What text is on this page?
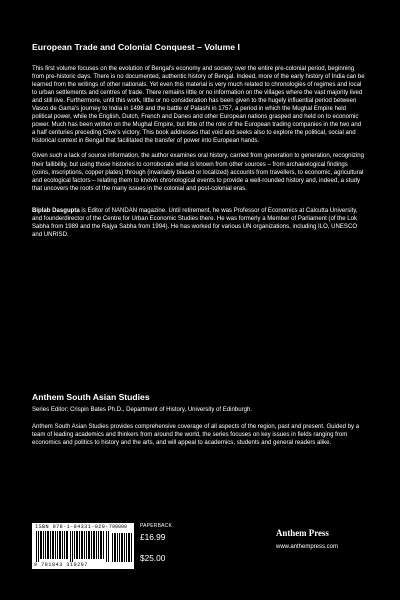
European Trade and Colonial Conquest – Volume I

This first volume focuses on the evolution of Bengal's economy and society over the entire pre-colonial period, beginning from pre-historic days. There is no documented, authentic history of Bengal. Indeed, more of the early history of India can be learned from the writings of other nationals. Yet even this material is very much related to chronologies of regimes and local to urban settlements and centres of trade. There remains little or no information on the villages where the vast majority lived and still live. Furthermore, until this work, little or no consideration has been given to the hugely influential period between Vasco de Gama's journey to India in 1498 and the battle of Palashi in 1757, a period in which the Mughal Empire held political power, while the English, Dutch, French and Danes and other European nations grasped and held on to economic power. Much has been written on the Mughal Empire, but little of the role of the European trading companies in the two and a half centuries preceding Clive's victory. This book addresses that void and seeks also to explore the political, social and historical context in Bengal that facilitated the transfer of power into European hands.

Given such a lack of source information, the author examines oral history, carried from generation to generation, recognizing their fallibility, but using those histories to corroborate what is known from other sources – from archaeological findings (coins, inscriptions, copper plates) through (invariably biased or localized) accounts from travellers, to economic, agricultural and ecological factors – relating them to known chronological events to provide a well-rounded history and, indeed, a study that uncovers the roots of the many issues in the colonial and post-colonial eras.

Biplab Dasgupta is Editor of NANDAN magazine. Until retirement, he was Professor of Economics at Calcutta University, and founderdirector of the Centre for Urban Economic Studies there. He was formerly a Member of Parliament (of the Lok Sabha from 1989 and the Rajya Sabha from 1994). He has worked for various UN organizations, including ILO, UNESCO and UNRISD.

Anthem South Asian Studies
Series Editor: Crispin Bates Ph.D., Department of History, University of Edinburgh.
Anthem South Asian Studies provides comprehensive coverage of all aspects of the region, past and present. Guided by a team of leading academics and thinkers from around the world, the series focuses on key issues in fields ranging from economics and politics to history and the arts, and will appeal to academics, students and general readers alike.
ISBN 978-1-84331-029-7 90000
9 781843 310297
PAPERBACK
£16.99
$25.00
Anthem Press
www.anthempress.com
